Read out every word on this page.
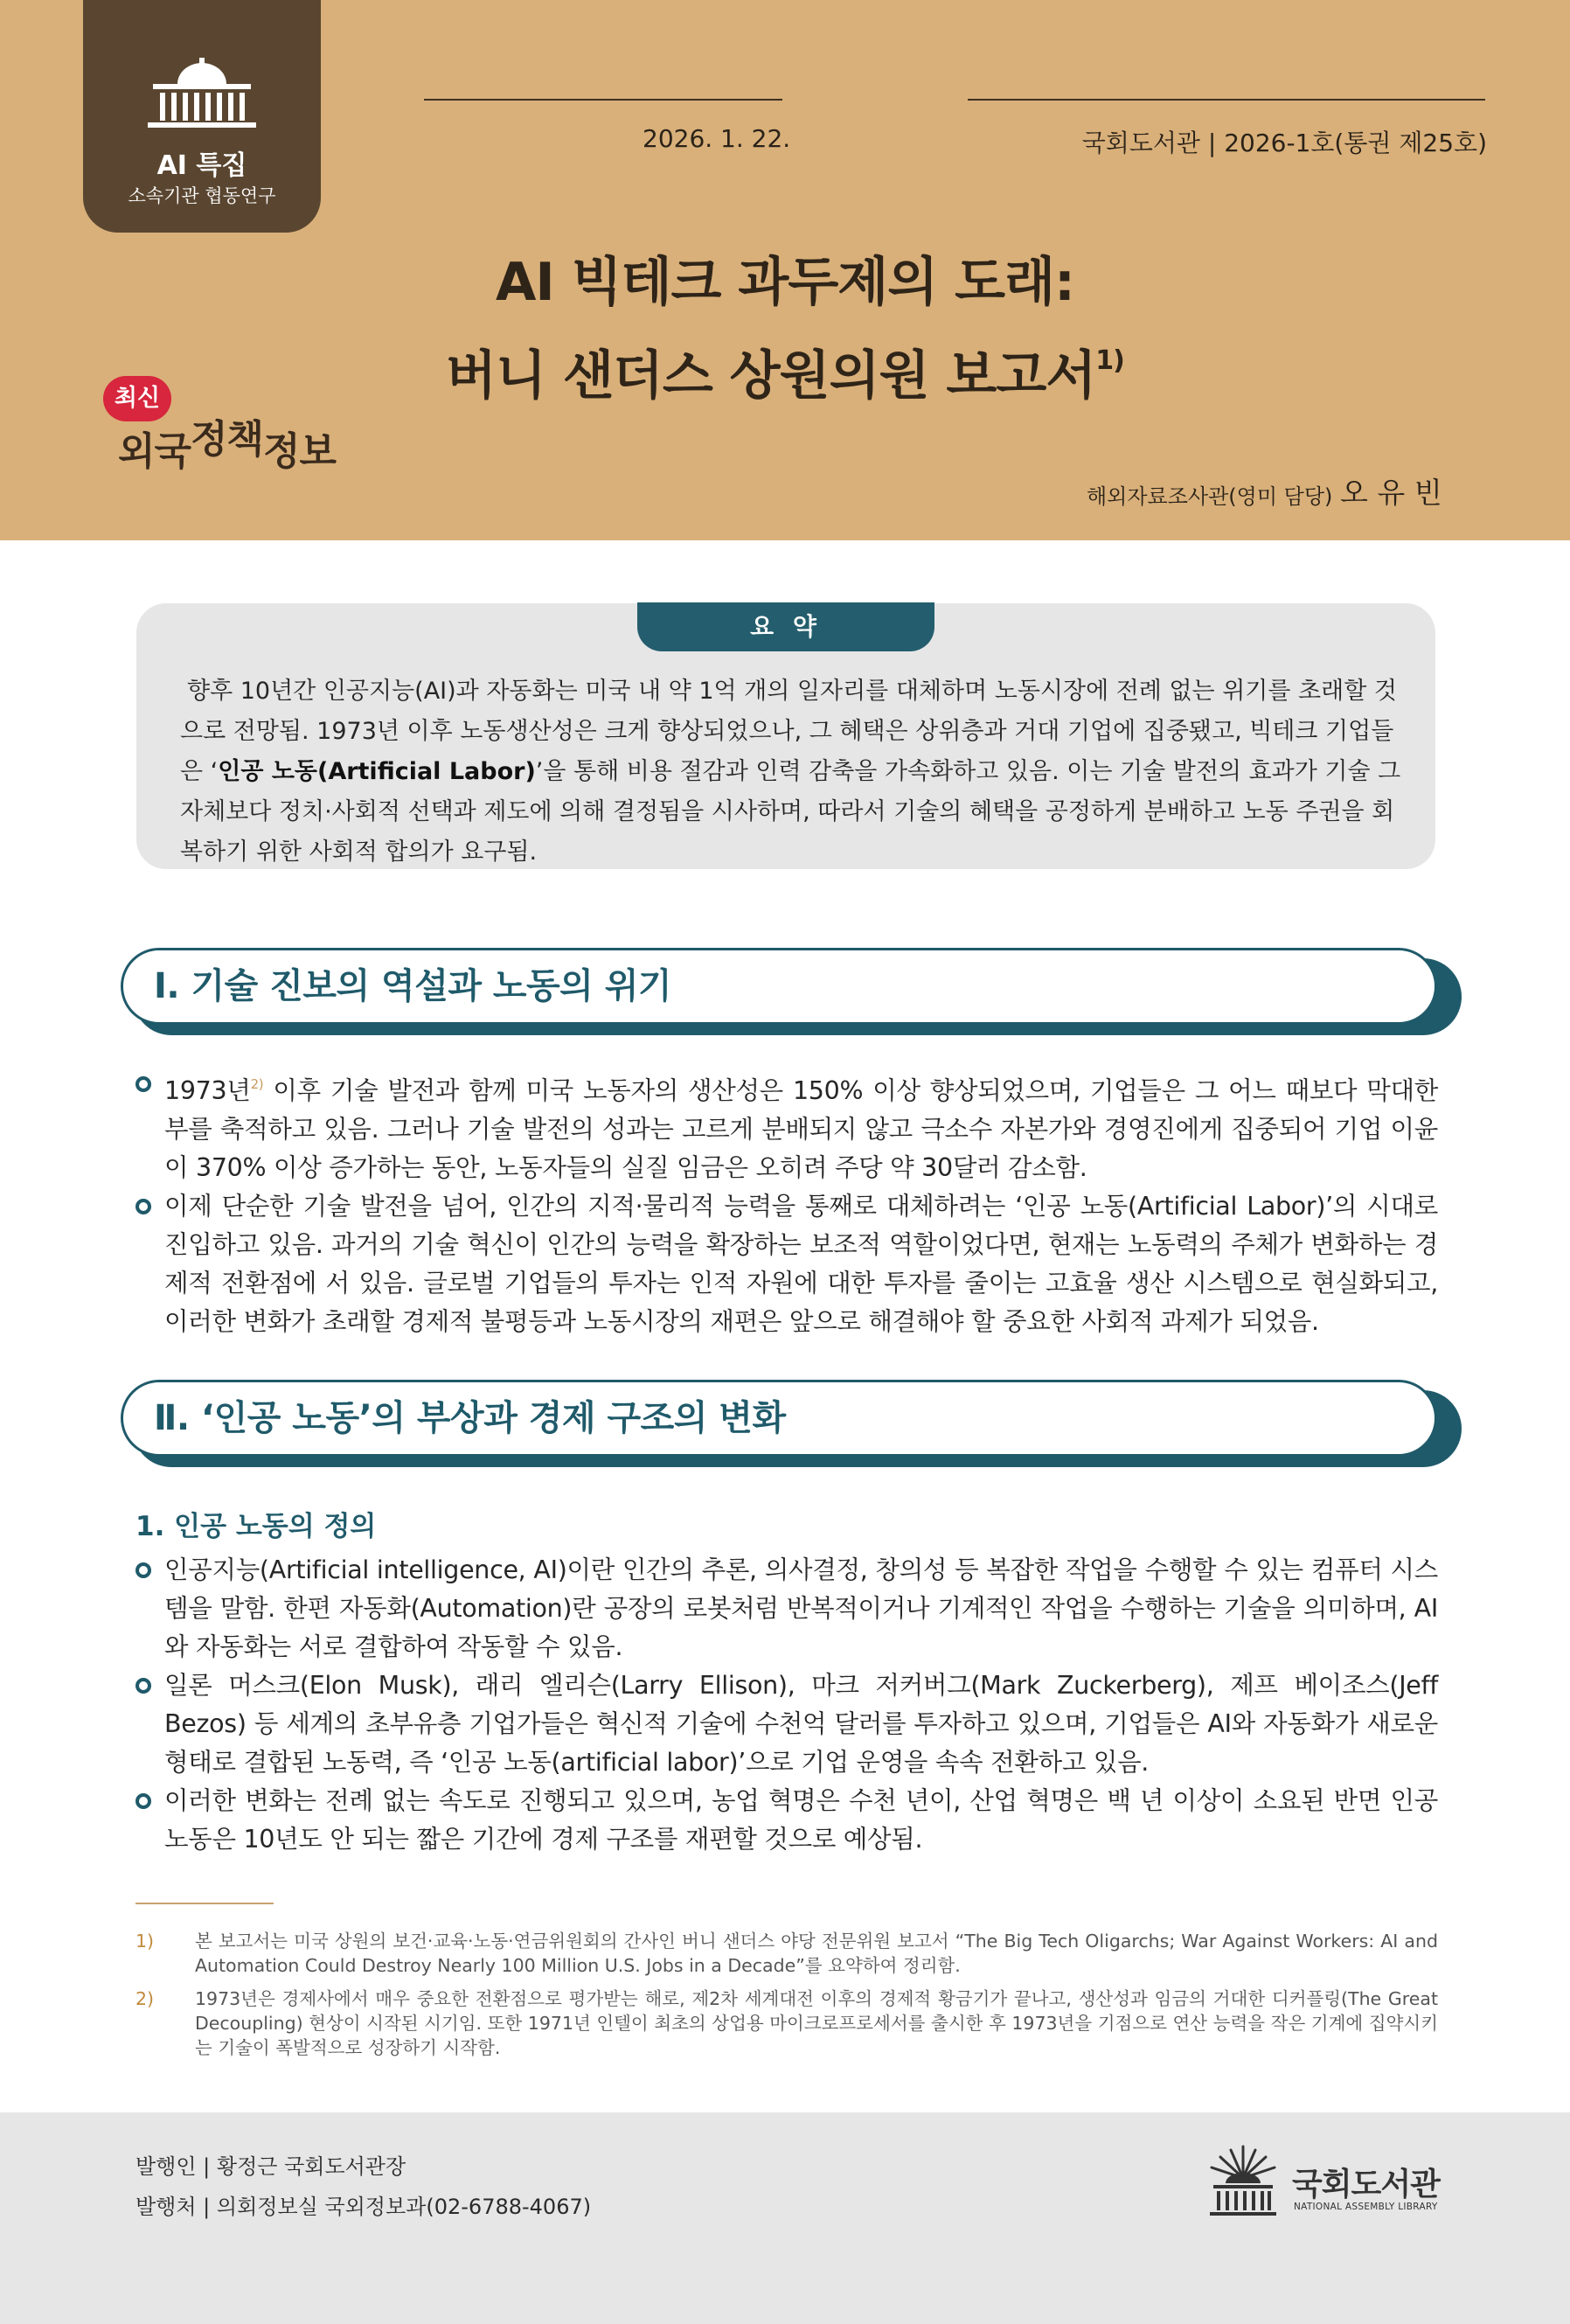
AI 특집
소속기관 협동연구
2026. 1. 22.	국회도서관 | 2026-1호(통권 제25호)
AI 빅테크 과두제의 도래:
버니 샌더스 상원의원 보고서$^{1)}$
최신
외국정책정보
해외자료조사관(영미 담당) 오 유 빈
요 약
향후 10년간 인공지능(AI)과 자동화는 미국 내 약 1억 개의 일자리를 대체하며 노동시장에 전례 없는 위기를 초래할 것으로 전망됨. 1973년 이후 노동생산성은 크게 향상되었으나, 그 혜택은 상위층과 거대 기업에 집중됐고, 빅테크 기업들은 ‘인공 노동(Artificial Labor)’을 통해 비용 절감과 인력 감축을 가속화하고 있음. 이는 기술 발전의 효과가 기술 그 자체보다 정치·사회적 선택과 제도에 의해 결정됨을 시사하며, 따라서 기술의 혜택을 공정하게 분배하고 노동 주권을 회복하기 위한 사회적 합의가 요구됨.
Ⅰ. 기술 진보의 역설과 노동의 위기
1973년$^{2)}$ 이후 기술 발전과 함께 미국 노동자의 생산성은 150% 이상 향상되었으며, 기업들은 그 어느 때보다 막대한 부를 축적하고 있음. 그러나 기술 발전의 성과는 고르게 분배되지 않고 극소수 자본가와 경영진에게 집중되어 기업 이윤이 370% 이상 증가하는 동안, 노동자들의 실질 임금은 오히려 주당 약 30달러 감소함.
이제 단순한 기술 발전을 넘어, 인간의 지적·물리적 능력을 통째로 대체하려는 ‘인공 노동(Artificial Labor)’의 시대로 진입하고 있음. 과거의 기술 혁신이 인간의 능력을 확장하는 보조적 역할이었다면, 현재는 노동력의 주체가 변화하는 경제적 전환점에 서 있음. 글로벌 기업들의 투자는 인적 자원에 대한 투자를 줄이는 고효율 생산 시스템으로 현실화되고, 이러한 변화가 초래할 경제적 불평등과 노동시장의 재편은 앞으로 해결해야 할 중요한 사회적 과제가 되었음.
Ⅱ. ‘인공 노동’의 부상과 경제 구조의 변화
1. 인공 노동의 정의
인공지능(Artificial intelligence, AI)이란 인간의 추론, 의사결정, 창의성 등 복잡한 작업을 수행할 수 있는 컴퓨터 시스템을 말함. 한편 자동화(Automation)란 공장의 로봇처럼 반복적이거나 기계적인 작업을 수행하는 기술을 의미하며, AI와 자동화는 서로 결합하여 작동할 수 있음.
일론 머스크(Elon Musk), 래리 엘리슨(Larry Ellison), 마크 저커버그(Mark Zuckerberg), 제프 베이조스(Jeff Bezos) 등 세계의 초부유층 기업가들은 혁신적 기술에 수천억 달러를 투자하고 있으며, 기업들은 AI와 자동화가 새로운 형태로 결합된 노동력, 즉 ‘인공 노동(artificial labor)’으로 기업 운영을 속속 전환하고 있음.
이러한 변화는 전례 없는 속도로 진행되고 있으며, 농업 혁명은 수천 년이, 산업 혁명은 백 년 이상이 소요된 반면 인공 노동은 10년도 안 되는 짧은 기간에 경제 구조를 재편할 것으로 예상됨.
1) 본 보고서는 미국 상원의 보건·교육·노동·연금위원회의 간사인 버니 샌더스 야당 전문위원 보고서 “The Big Tech Oligarchs; War Against Workers: AI and Automation Could Destroy Nearly 100 Million U.S. Jobs in a Decade”를 요약하여 정리함.
2) 1973년은 경제사에서 매우 중요한 전환점으로 평가받는 해로, 제2차 세계대전 이후의 경제적 황금기가 끝나고, 생산성과 임금의 거대한 디커플링(The Great Decoupling) 현상이 시작된 시기임. 또한 1971년 인텔이 최초의 상업용 마이크로프로세서를 출시한 후 1973년을 기점으로 연산 능력을 작은 기계에 집약시키는 기술이 폭발적으로 성장하기 시작함.
발행인 | 황정근 국회도서관장
발행처 | 의회정보실 국외정보과(02-6788-4067)
국회도서관
NATIONAL ASSEMBLY LIBRARY
